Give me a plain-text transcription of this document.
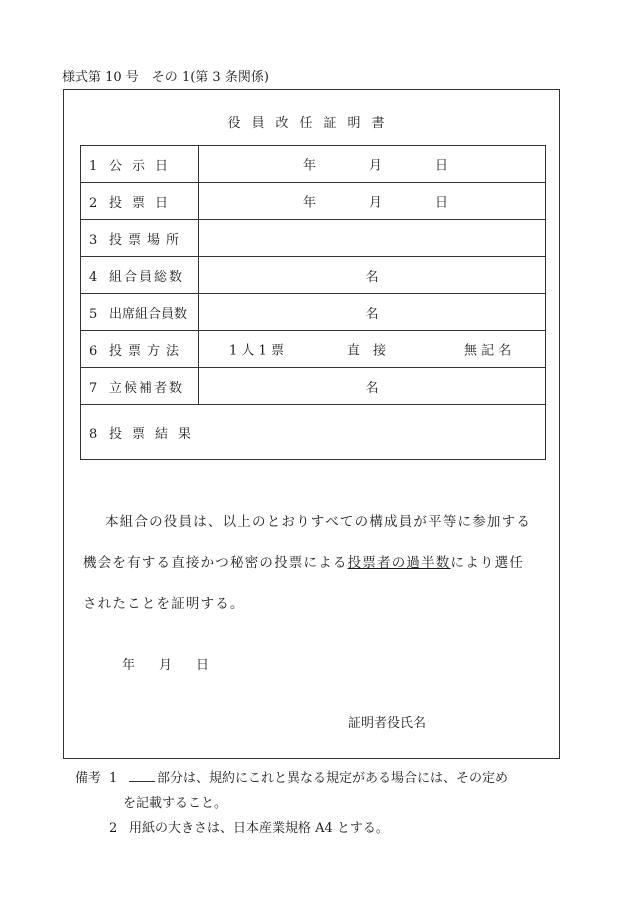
様式第 10 号　その 1(第 3 条関係)
役員改任証明書
1 公示日	年 月 日

2 投票日	年 月 日

3 投票場所	
4 組合員総数	名
5 出席組合員数	名
6 投票方法	1 人 1 票 直　接 無 記 名

7 立候補者数	名
8 投票結果	
本組合の役員は、以上のとおりすべての構成員が平等に参加する
機会を有する直接かつ秘密の投票による投票者の過半数により選任
されたことを証明する。
年 月 日
証明者役氏名
備考 1	部分は、規約にこれと異なる規定がある場合には、その定め
を記載すること。
2 用紙の大きさは、日本産業規格 A4 とする。
